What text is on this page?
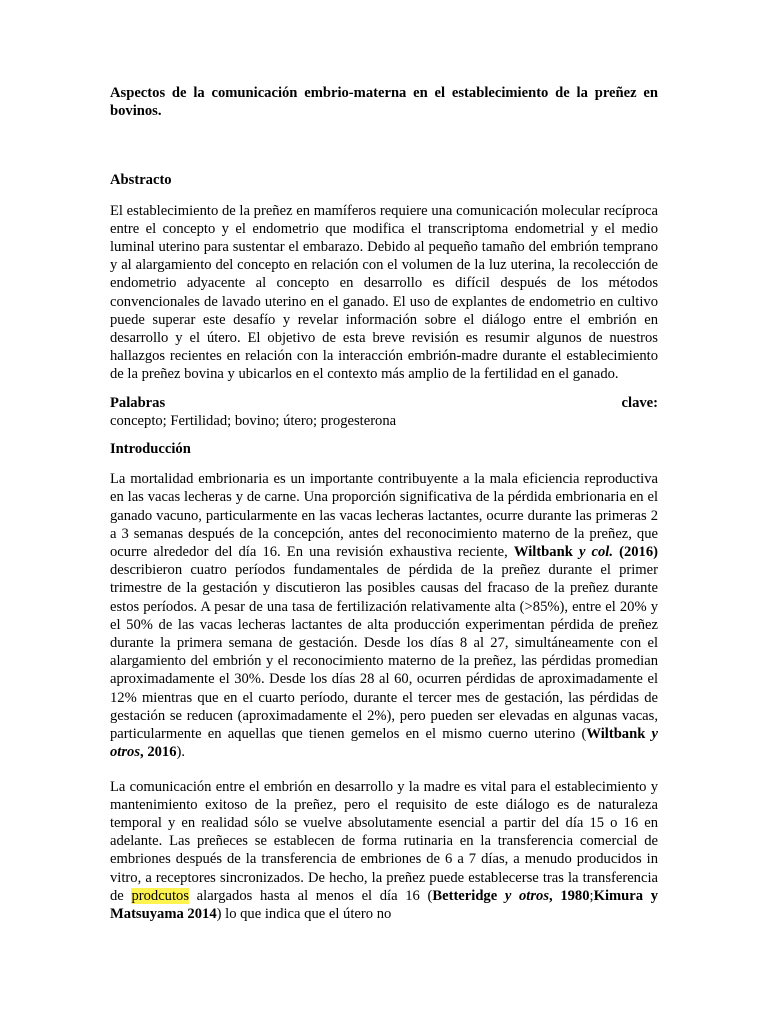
Aspectos de la comunicación embrio-materna en el establecimiento de la preñez en bovinos.

Abstracto

El establecimiento de la preñez en mamíferos requiere una comunicación molecular recíproca entre el concepto y el endometrio que modifica el transcriptoma endometrial y el medio luminal uterino para sustentar el embarazo. Debido al pequeño tamaño del embrión temprano y al alargamiento del concepto en relación con el volumen de la luz uterina, la recolección de endometrio adyacente al concepto en desarrollo es difícil después de los métodos convencionales de lavado uterino en el ganado. El uso de explantes de endometrio en cultivo puede superar este desafío y revelar información sobre el diálogo entre el embrión en desarrollo y el útero. El objetivo de esta breve revisión es resumir algunos de nuestros hallazgos recientes en relación con la interacción embrión-madre durante el establecimiento de la preñez bovina y ubicarlos en el contexto más amplio de la fertilidad en el ganado.

Palabras	clave:

concepto; Fertilidad; bovino; útero; progesterona

Introducción

La mortalidad embrionaria es un importante contribuyente a la mala eficiencia reproductiva en las vacas lecheras y de carne. Una proporción significativa de la pérdida embrionaria en el ganado vacuno, particularmente en las vacas lecheras lactantes, ocurre durante las primeras 2 a 3 semanas después de la concepción, antes del reconocimiento materno de la preñez, que ocurre alrededor del día 16. En una revisión exhaustiva reciente, Wiltbank y col. (2016) describieron cuatro períodos fundamentales de pérdida de la preñez durante el primer trimestre de la gestación y discutieron las posibles causas del fracaso de la preñez durante estos períodos. A pesar de una tasa de fertilización relativamente alta (>85%), entre el 20% y el 50% de las vacas lecheras lactantes de alta producción experimentan pérdida de preñez durante la primera semana de gestación. Desde los días 8 al 27, simultáneamente con el alargamiento del embrión y el reconocimiento materno de la preñez, las pérdidas promedian aproximadamente el 30%. Desde los días 28 al 60, ocurren pérdidas de aproximadamente el 12% mientras que en el cuarto período, durante el tercer mes de gestación, las pérdidas de gestación se reducen (aproximadamente el 2%), pero pueden ser elevadas en algunas vacas, particularmente en aquellas que tienen gemelos en el mismo cuerno uterino (Wiltbank y otros, 2016).

La comunicación entre el embrión en desarrollo y la madre es vital para el establecimiento y mantenimiento exitoso de la preñez, pero el requisito de este diálogo es de naturaleza temporal y en realidad sólo se vuelve absolutamente esencial a partir del día 15 o 16 en adelante. Las preñeces se establecen de forma rutinaria en la transferencia comercial de embriones después de la transferencia de embriones de 6 a 7 días, a menudo producidos in vitro, a receptores sincronizados. De hecho, la preñez puede establecerse tras la transferencia de prodcutos alargados hasta al menos el día 16 (Betteridge y otros, 1980;Kimura y Matsuyama 2014) lo que indica que el útero no
